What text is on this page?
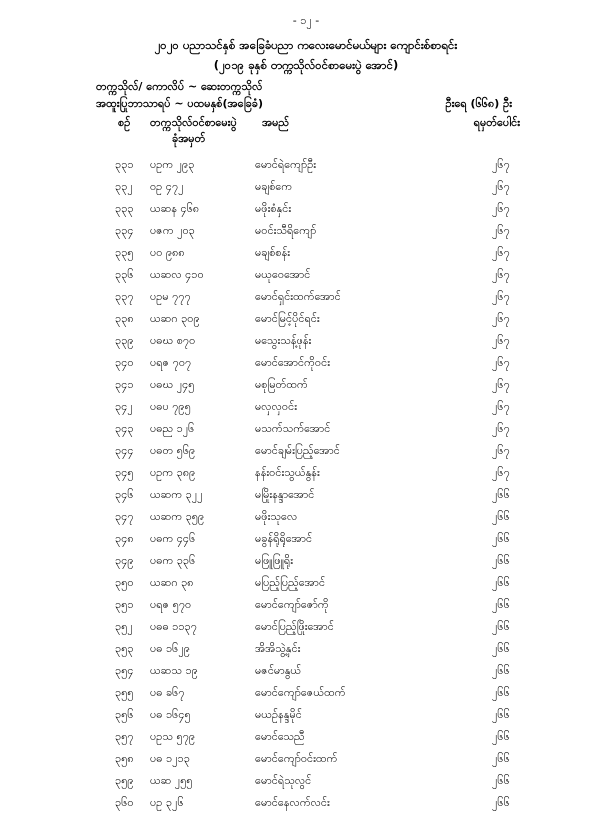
- ၁၂ -
၂၀၂၀ ပညာသင်နှစ် အခြေခံပညာ ကလေးမောင်မယ်များ ကျောင်းစ်စာရင်း
(၂၀၁၉ ခုနှစ် တက္ကသိုလ်ဝင်စာမေးပွဲ အောင်)
တက္ကသိုလ်/ ကောလိပ် ~ ဆေးတက္ကသိုလ်
အထူးပြုဘာသာရပ် ~ ပထမနှစ်(အခြေခံ)	ဦးရေ (၆၆၈) ဦး
စဉ် တက္ကသိုလ်ဝင်စာမေးပွဲ အမည်	ရမှတ်ပေါင်း
ခုံအမှတ်
၃၃၁ ပဥက ၂၉၃	မောင်ရဲကျော်ဦး	၂၆၇
၃၃၂ ဝဥ ၄၇၂	မချစ်ကေ	၂၆၇
၃၃၃ ယဆန ၄၆၈	မဖိုးစံနှင်း	၂၆၇
၃၃၄ ပဇက ၂၀၃	မဝင်းသီရိကျော်	၂၆၇
၃၃၅ ပဝ ၉၈၈	မချစ်စန်း	၂၆၇
၃၃၆ ယဆလ ၄၁၀	မယုဝေအောင်	၂၆၇
၃၃၇ ပဥမ ၇၇၇	မောင်ရှင်းထက်အောင်	၂၆၇
၃၃၈ ယဆဂ ၃၀၉	မောင်မြင့်ပိုင်ရင်း	၂၆၇
၃၃၉ ပဓဃ စ၇၀	မသွေးသန့်ဖုန်း	၂၆၇
၃၄၀ ပရဇ ၇၀၇	မောင်အောင်ကိုဝင်း	၂၆၇
၃၄၁ ပဓဃ ၂၄၅	မစုမြတ်ထက်	၂၆၇
၃၄၂ ပဓပ ၇၉၅	မလှလှဝင်း	၂၆၇
၃၄၃ ပဓည ၁၂၆	မသက်သက်အောင်	၂၆၇
၃၄၄ ပဓတ ၅၆၉	မောင်ချမ်းပြည့်အောင်	၂၆၇
၃၄၅ ပဥက ၃၈၉	နန်းဝင်းသွယ်နွန်း	၂၆၇
၃၄၆ ယဆက ၃၂၂	မမြိုးနန္ဒာအောင်	၂၆၆
၃၄၇ ယဆက ၃၅၉	မဖိုးသုလေ	၂၆၆
၃၄၈ ပဓက ၄၄၆	မခွန်ရိုရိုအောင်	၂၆၆
၃၄၉ ပဓက ၃၃၆	မဖြူဖြူရိုး	၂၆၆
၃၅၀ ယဆဂ ၃၈	မပြည့်ပြည့်အောင်	၂၆၆
၃၅၁ ပရဇ ၅၇၀	မောင်ကျော်ဇော်ကို	၂၆၆
၃၅၂ ပဓဓ ၁၁၃၇	မောင်ပြည့်ဖြိုးအောင်	၂၆၆
၃၅၃ ပဓ ၁၆၂၉	အိအိသွဲ့နှင်း	၂၆၆
၃၅၄ ယဆသ ၁၉	မဇင်မာနွယ်	၂၆၆
၃၅၅ ပဓ ခ၆၇	မောင်ကျော်ဇေယ်ထက်	၂၆၆
၃၅၆ ပဓ ၁၆၄၅	မယဉ်နန္ဒမိုင်	၂၆၆
၃၅၇ ပဥသ ၅၇၉	မောင်သေညီ	၂၆၆
၃၅၈ ပဓ ၁၂၁၃	မောင်ကျော်ဝင်းထက်	၂၆၆
၃၅၉ ယဆ ၂၅၅	မောင်ရဲသုလွင်	၂၆၆
၃၆၀ ပဥ ၃၂၆	မောင်နေလက်လင်း	၂၆၆
